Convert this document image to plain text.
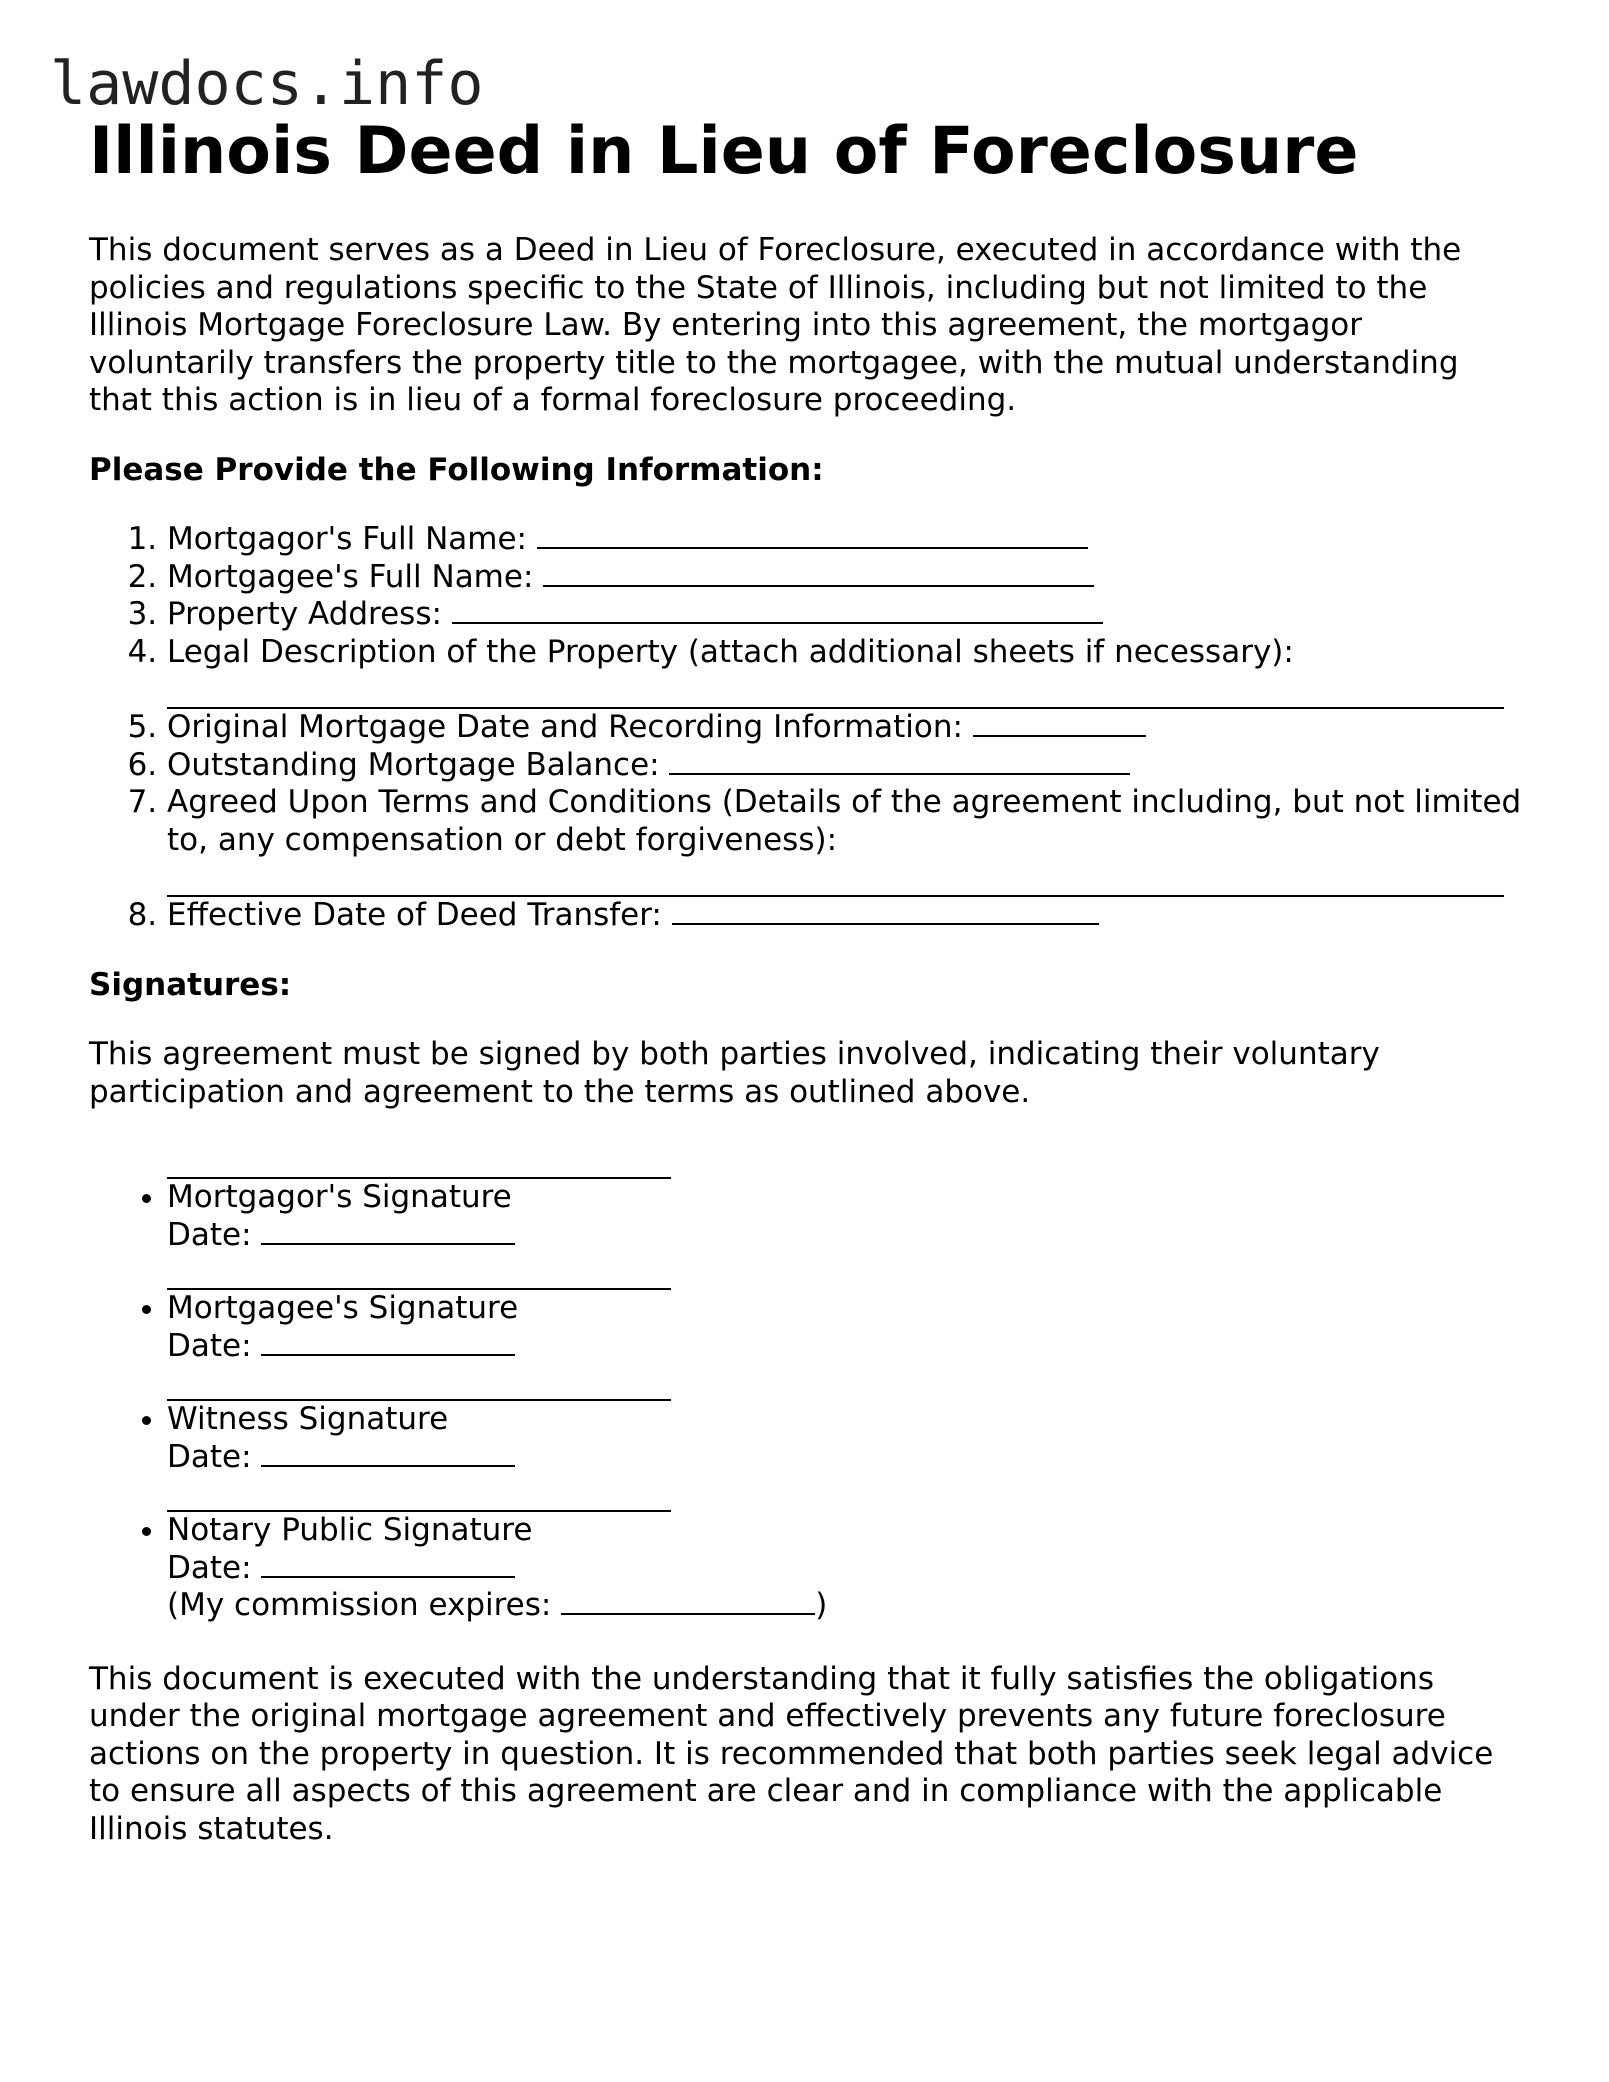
lawdocs.info
Illinois Deed in Lieu of Foreclosure

This document serves as a Deed in Lieu of Foreclosure, executed in accordance with the policies and regulations specific to the State of Illinois, including but not limited to the Illinois Mortgage Foreclosure Law. By entering into this agreement, the mortgagor voluntarily transfers the property title to the mortgagee, with the mutual understanding that this action is in lieu of a formal foreclosure proceeding.

Please Provide the Following Information:
1. Mortgagor's Full Name:
2. Mortgagee's Full Name:
3. Property Address:
4. Legal Description of the Property (attach additional sheets if necessary):
5. Original Mortgage Date and Recording Information:
6. Outstanding Mortgage Balance:
7. Agreed Upon Terms and Conditions (Details of the agreement including, but not limited to, any compensation or debt forgiveness):
8. Effective Date of Deed Transfer:
Signatures:

This agreement must be signed by both parties involved, indicating their voluntary participation and agreement to the terms as outlined above.

• Mortgagor's Signature
Date:
• Mortgagee's Signature
Date:
• Witness Signature
Date:
• Notary Public Signature
Date:
(My commission expires:	)

This document is executed with the understanding that it fully satisfies the obligations under the original mortgage agreement and effectively prevents any future foreclosure actions on the property in question. It is recommended that both parties seek legal advice to ensure all aspects of this agreement are clear and in compliance with the applicable Illinois statutes.
